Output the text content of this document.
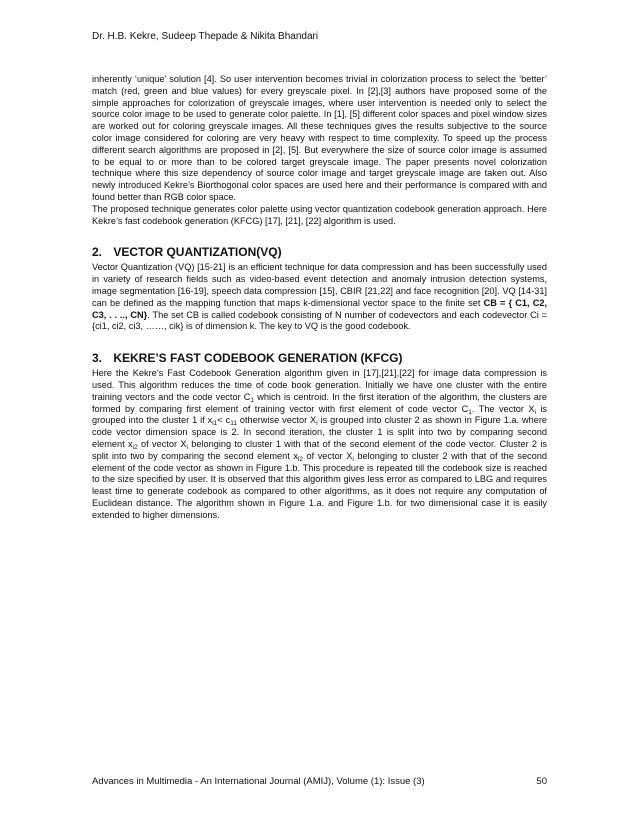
Dr. H.B. Kekre, Sudeep Thepade & Nikita Bhandari

inherently ‘unique’ solution [4]. So user intervention becomes trivial in colorization process to select the ‘better’ match (red, green and blue values) for every greyscale pixel. In [2],[3] authors have proposed some of the simple approaches for colorization of greyscale images, where user intervention is needed only to select the source color image to be used to generate color palette. In [1], [5] different color spaces and pixel window sizes are worked out for coloring greyscale images. All these techniques gives the results subjective to the source color image considered for coloring are very heavy with respect to time complexity. To speed up the process different search algorithms are proposed in [2], [5]. But everywhere the size of source color image is assumed to be equal to or more than to be colored target greyscale image. The paper presents novel colorization technique where this size dependency of source color image and target greyscale image are taken out. Also newly introduced Kekre’s Biorthogonal color spaces are used here and their performance is compared with and found better than RGB color space.

The proposed technique generates color palette using vector quantization codebook generation approach. Here Kekre’s fast codebook generation (KFCG) [17], [21], [22] algorithm is used.

2. VECTOR QUANTIZATION(VQ)

Vector Quantization (VQ) [15-21] is an efficient technique for data compression and has been successfully used in variety of research fields such as video-based event detection and anomaly intrusion detection systems, image segmentation [16-19], speech data compression [15], CBIR [21,22] and face recognition [20]. VQ [14-31] can be defined as the mapping function that maps k-dimensional vector space to the finite set CB = { C1, C2, C3, . . .., CN}. The set CB is called codebook consisting of N number of codevectors and each codevector Ci = {ci1, ci2, ci3, ……, cik} is of dimension k. The key to VQ is the good codebook.

3. KEKRE’S FAST CODEBOOK GENERATION (KFCG)

Here the Kekre’s Fast Codebook Generation algorithm given in [17],[21],[22] for image data compression is used. This algorithm reduces the time of code book generation. Initially we have one cluster with the entire training vectors and the code vector $C_1$ which is centroid. In the first iteration of the algorithm, the clusters are formed by comparing first element of training vector with first element of code vector $C_1$. The vector $X_i$ is grouped into the cluster 1 if $x_{i1}< c_{11}$ otherwise vector $X_i$ is grouped into cluster 2 as shown in Figure 1.a. where code vector dimension space is 2. In second iteration, the cluster 1 is split into two by comparing second element $x_{i2}$ of vector $X_i$ belonging to cluster 1 with that of the second element of the code vector. Cluster 2 is split into two by comparing the second element $x_{i2}$ of vector $X_i$ belonging to cluster 2 with that of the second element of the code vector as shown in Figure 1.b. This procedure is repeated till the codebook size is reached to the size specified by user. It is observed that this algorithm gives less error as compared to LBG and requires least time to generate codebook as compared to other algorithms, as it does not require any computation of Euclidean distance. The algorithm shown in Figure 1.a. and Figure 1.b. for two dimensional case it is easily extended to higher dimensions.

Advances in Multimedia - An International Journal (AMIJ), Volume (1): Issue (3)	50
